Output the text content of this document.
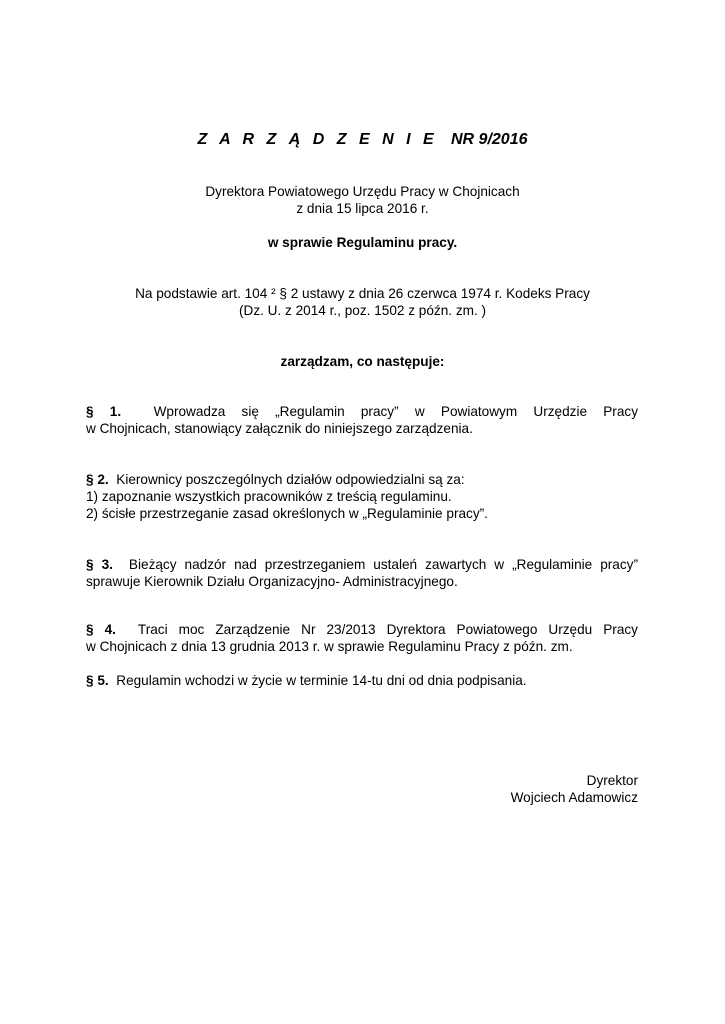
Z A R Z Ą D Z E N I E NR 9/2016
Dyrektora Powiatowego Urzędu Pracy w Chojnicach
z dnia 15 lipca 2016 r.
w sprawie Regulaminu pracy.
Na podstawie art. 104 ² § 2 ustawy z dnia 26 czerwca 1974 r. Kodeks Pracy
(Dz. U. z 2014 r., poz. 1502 z późn. zm. )
zarządzam, co następuje:
§ 1. Wprowadza się „Regulamin pracy” w Powiatowym Urzędzie Pracy
w Chojnicach, stanowiący załącznik do niniejszego zarządzenia.
§ 2. Kierownicy poszczególnych działów odpowiedzialni są za:
1) zapoznanie wszystkich pracowników z treścią regulaminu.
2) ścisłe przestrzeganie zasad określonych w „Regulaminie pracy”.
§ 3. Bieżący nadzór nad przestrzeganiem ustaleń zawartych w „Regulaminie pracy”
sprawuje Kierownik Działu Organizacyjno- Administracyjnego.
§ 4. Traci moc Zarządzenie Nr 23/2013 Dyrektora Powiatowego Urzędu Pracy
w Chojnicach z dnia 13 grudnia 2013 r. w sprawie Regulaminu Pracy z późn. zm.
§ 5. Regulamin wchodzi w życie w terminie 14-tu dni od dnia podpisania.
Dyrektor
Wojciech Adamowicz
